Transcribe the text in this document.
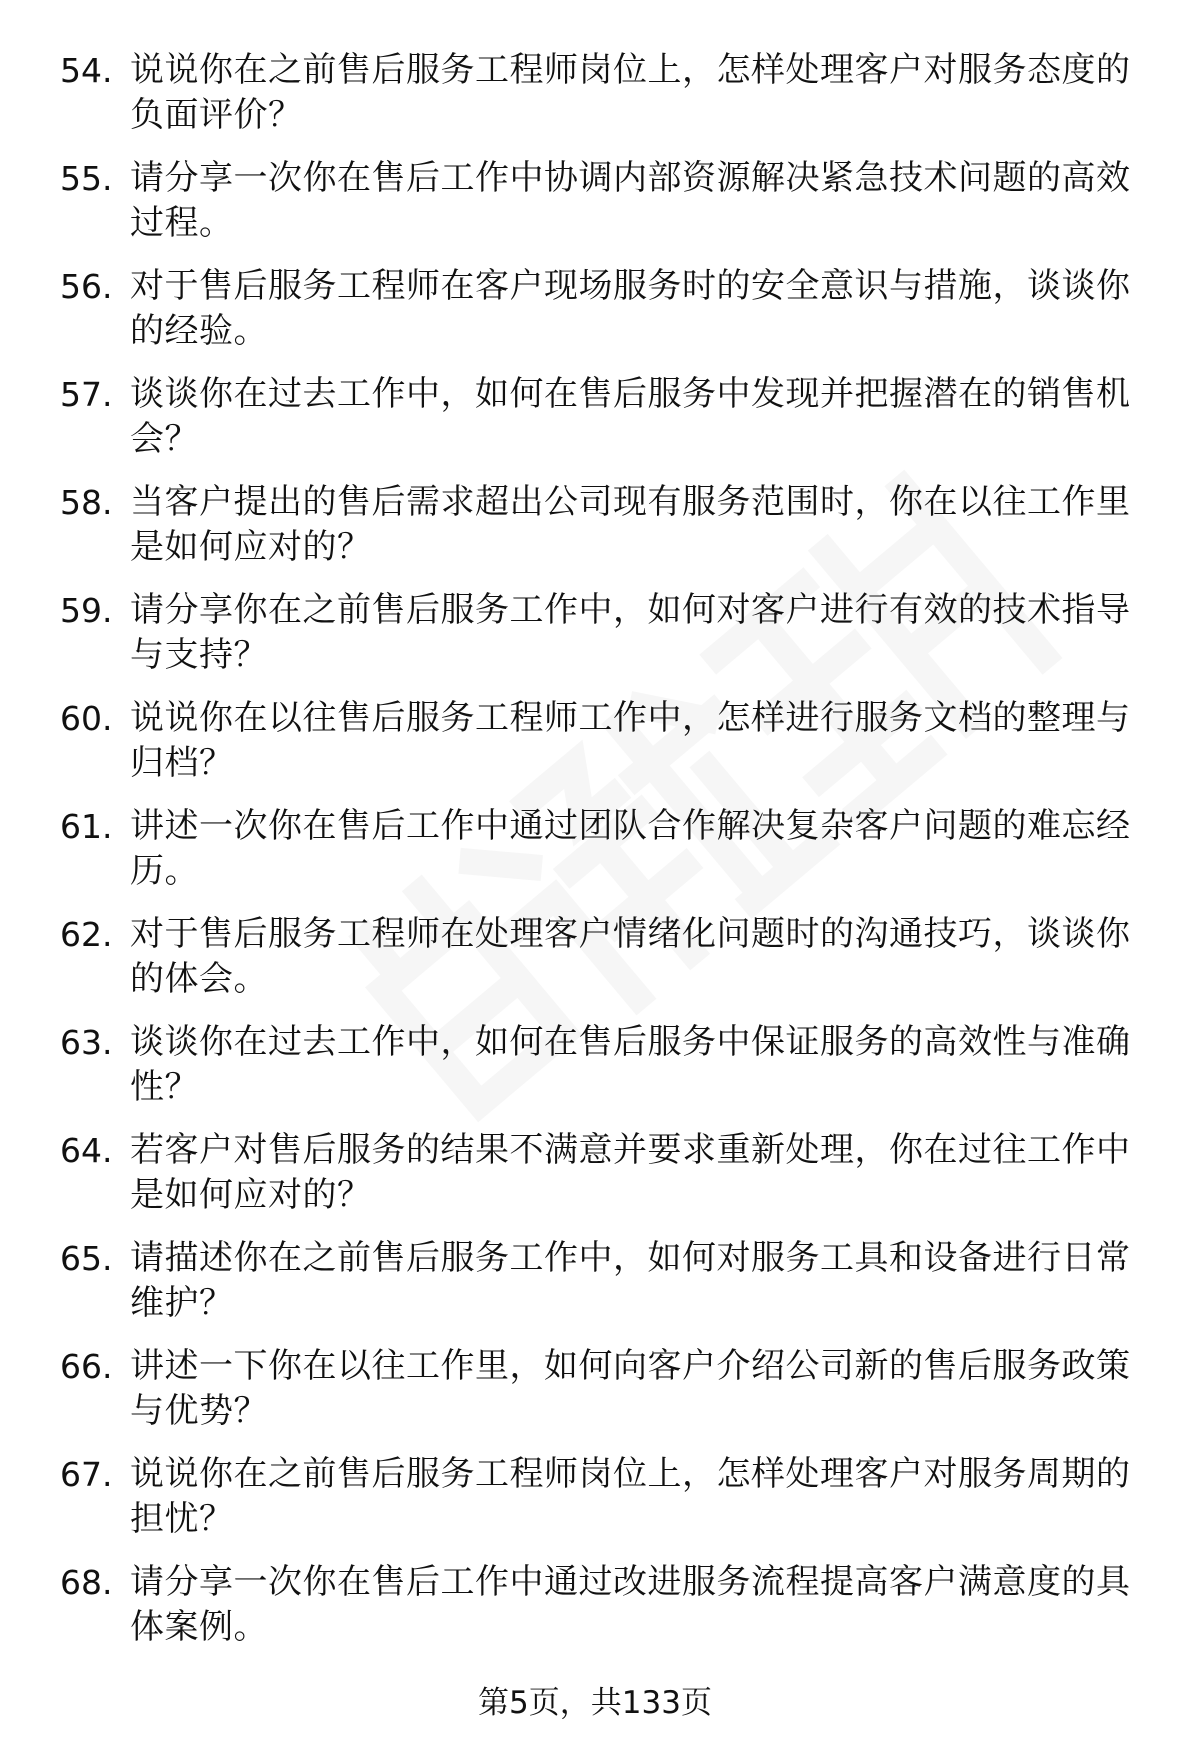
54. 说说你在之前售后服务工程师岗位上，怎样处理客户对服务态度的负面评价？
55. 请分享一次你在售后工作中协调内部资源解决紧急技术问题的高效过程。
56. 对于售后服务工程师在客户现场服务时的安全意识与措施，谈谈你的经验。
57. 谈谈你在过去工作中，如何在售后服务中发现并把握潜在的销售机会？
58. 当客户提出的售后需求超出公司现有服务范围时，你在以往工作里是如何应对的？
59. 请分享你在之前售后服务工作中，如何对客户进行有效的技术指导与支持？
60. 说说你在以往售后服务工程师工作中，怎样进行服务文档的整理与归档？
61. 讲述一次你在售后工作中通过团队合作解决复杂客户问题的难忘经历。
62. 对于售后服务工程师在处理客户情绪化问题时的沟通技巧，谈谈你的体会。
63. 谈谈你在过去工作中，如何在售后服务中保证服务的高效性与准确性？
64. 若客户对售后服务的结果不满意并要求重新处理，你在过往工作中是如何应对的？
65. 请描述你在之前售后服务工作中，如何对服务工具和设备进行日常维护？
66. 讲述一下你在以往工作里，如何向客户介绍公司新的售后服务政策与优势？
67. 说说你在之前售后服务工程师岗位上，怎样处理客户对服务周期的担忧？
68. 请分享一次你在售后工作中通过改进服务流程提高客户满意度的具体案例。
第5页，共133页
